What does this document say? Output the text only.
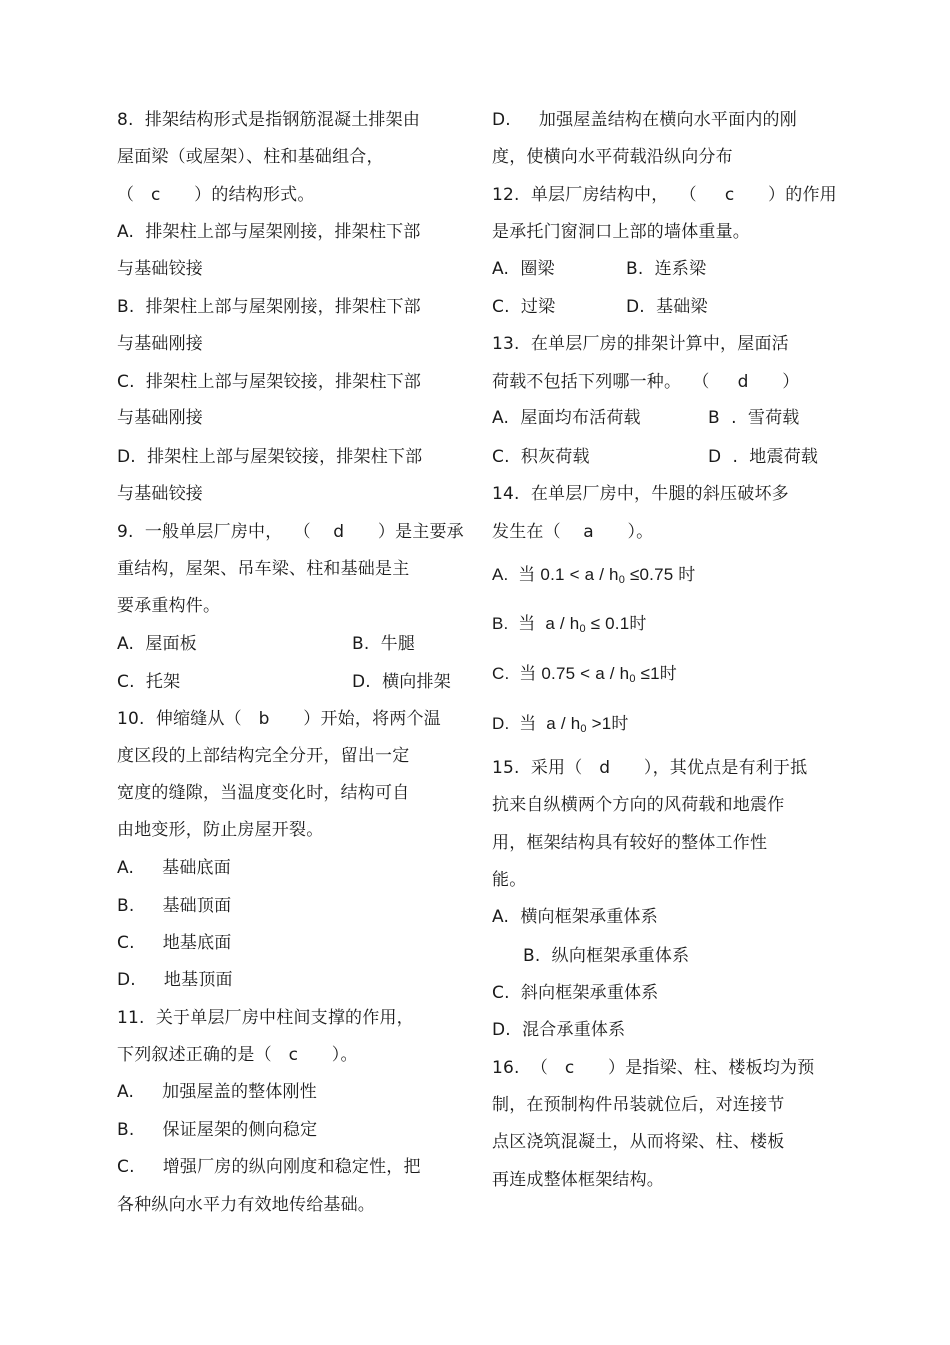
8.  排架结构形式是指钢筋混凝土排架由
屋面梁（或屋架）、柱和基础组合，
（   c      ）的结构形式。
A.  排架柱上部与屋架刚接，排架柱下部
与基础铰接
B.  排架柱上部与屋架刚接，排架柱下部
与基础刚接
C.  排架柱上部与屋架铰接，排架柱下部
与基础刚接
D.  排架柱上部与屋架铰接，排架柱下部
与基础铰接
9.  一般单层厂房中，  （    d      ）是主要承
重结构，屋架、吊车梁、柱和基础是主
要承重构件。
A.  屋面板	B.  牛腿
C.  托架	D.  横向排架
10.  伸缩缝从（   b      ）开始，将两个温
度区段的上部结构完全分开，留出一定
宽度的缝隙，当温度变化时，结构可自
由地变形，防止房屋开裂。
A.     基础底面
B.     基础顶面
C.     地基底面
D.     地基顶面
11.  关于单层厂房中柱间支撑的作用，
下列叙述正确的是（   c      ）。
A.     加强屋盖的整体刚性
B.     保证屋架的侧向稳定
C.     增强厂房的纵向刚度和稳定性，把
各种纵向水平力有效地传给基础。
D.     加强屋盖结构在横向水平面内的刚
度，使横向水平荷载沿纵向分布
12.  单层厂房结构中，  （     c      ）的作用
是承托门窗洞口上部的墙体重量。
A.  圈梁	B.  连系梁
C.  过梁	D.  基础梁
13.  在单层厂房的排架计算中，屋面活
荷载不包括下列哪一种。  （     d      ）
A.  屋面均布活荷载	B  .  雪荷载
C.  积灰荷载	D  .  地震荷载
14.  在单层厂房中，牛腿的斜压破坏多
发生在（    a      ）。
A.  当 $0.1 < a / h_0 \le 0.75$ 时
B.  当  $a / h_0 \le 0.1$时
C.  当 $0.75 < a / h_0 \le 1$时
D.  当  $a / h_0 >1$时
15.  采用（   d      ），其优点是有利于抵
抗来自纵横两个方向的风荷载和地震作
用，框架结构具有较好的整体工作性
能。
A.  横向框架承重体系
B.  纵向框架承重体系
C.  斜向框架承重体系
D.  混合承重体系
16.  （   c      ）是指梁、柱、楼板均为预
制，在预制构件吊装就位后，对连接节
点区浇筑混凝土，从而将梁、柱、楼板
再连成整体框架结构。
